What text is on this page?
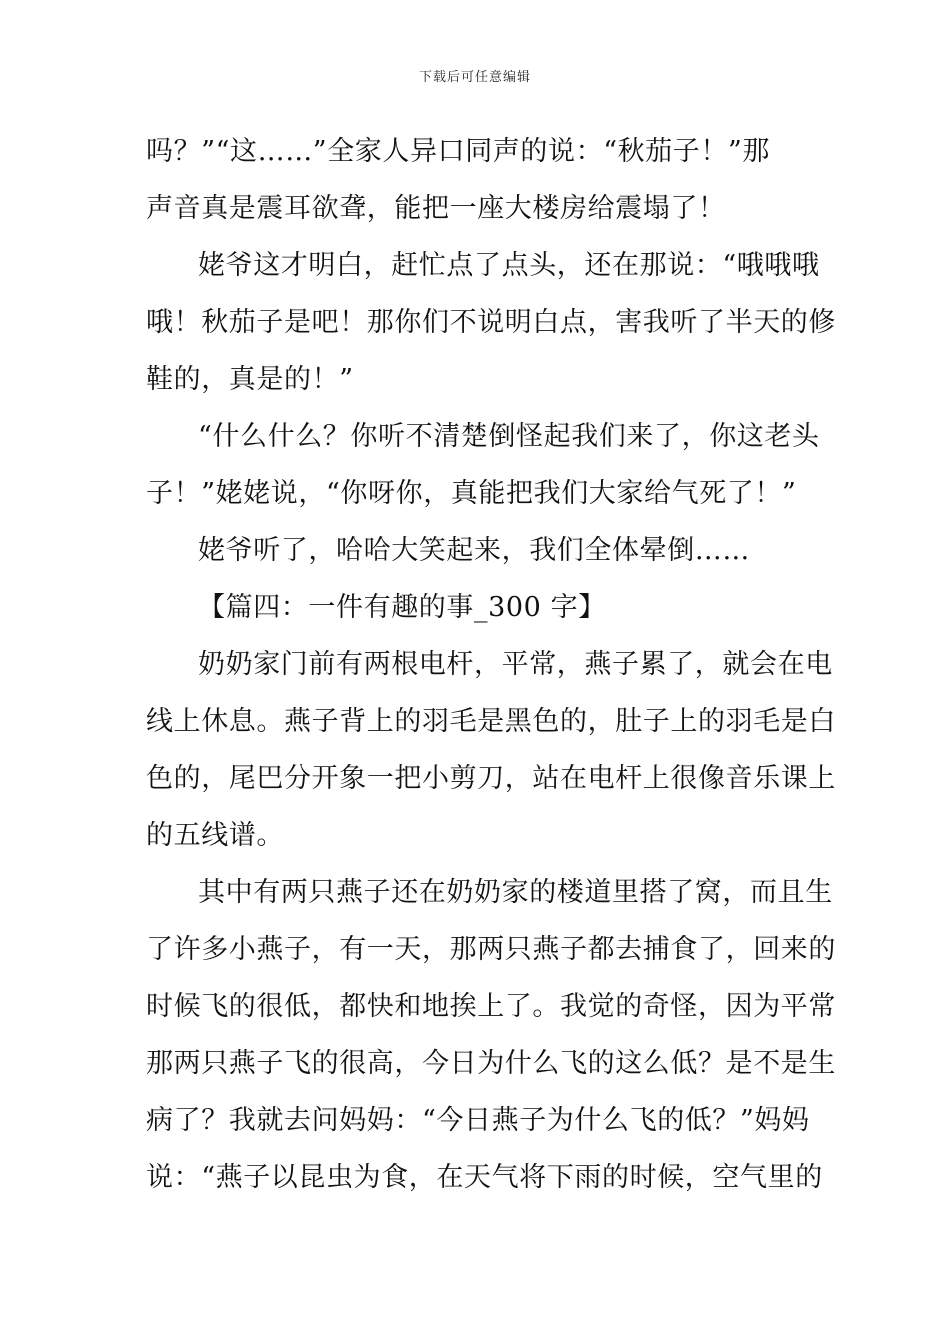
下载后可任意编辑
吗？”“这……”全家人异口同声的说：“秋茄子！”那
声音真是震耳欲聋，能把一座大楼房给震塌了！
姥爷这才明白，赶忙点了点头，还在那说：“哦哦哦
哦！秋茄子是吧！那你们不说明白点，害我听了半天的修
鞋的，真是的！”
“什么什么？你听不清楚倒怪起我们来了，你这老头
子！”姥姥说，“你呀你，真能把我们大家给气死了！”
姥爷听了，哈哈大笑起来，我们全体晕倒……
【篇四：一件有趣的事_300 字】
奶奶家门前有两根电杆，平常，燕子累了，就会在电
线上休息。燕子背上的羽毛是黑色的，肚子上的羽毛是白
色的，尾巴分开象一把小剪刀，站在电杆上很像音乐课上
的五线谱。
其中有两只燕子还在奶奶家的楼道里搭了窝，而且生
了许多小燕子，有一天，那两只燕子都去捕食了，回来的
时候飞的很低，都快和地挨上了。我觉的奇怪，因为平常
那两只燕子飞的很高，今日为什么飞的这么低？是不是生
病了？我就去问妈妈：“今日燕子为什么飞的低？”妈妈
说：“燕子以昆虫为食，在天气将下雨的时候，空气里的
